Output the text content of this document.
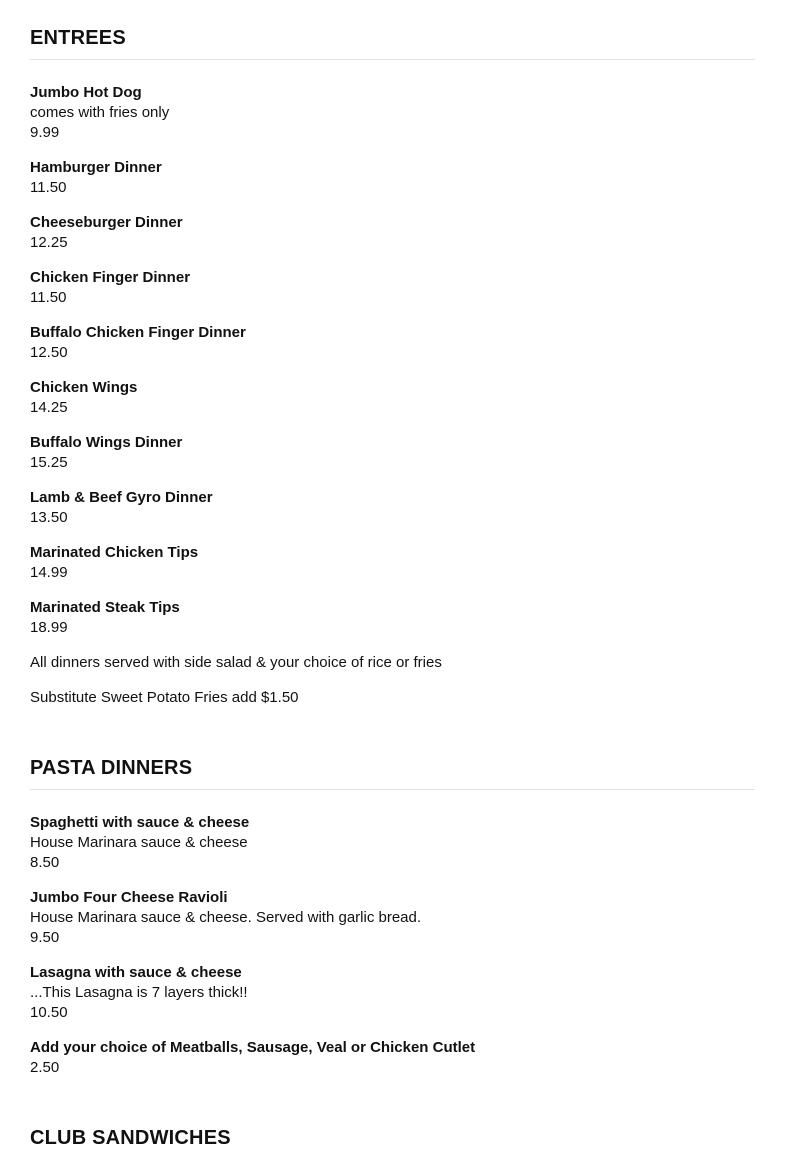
ENTREES
Jumbo Hot Dog
comes with fries only
9.99
Hamburger Dinner
11.50
Cheeseburger Dinner
12.25
Chicken Finger Dinner
11.50
Buffalo Chicken Finger Dinner
12.50
Chicken Wings
14.25
Buffalo Wings Dinner
15.25
Lamb & Beef Gyro Dinner
13.50
Marinated Chicken Tips
14.99
Marinated Steak Tips
18.99
All dinners served with side salad & your choice of rice or fries
Substitute Sweet Potato Fries add $1.50
PASTA DINNERS
Spaghetti with sauce & cheese
House Marinara sauce & cheese
8.50
Jumbo Four Cheese Ravioli
House Marinara sauce & cheese. Served with garlic bread.
9.50
Lasagna with sauce & cheese
...This Lasagna is 7 layers thick!!
10.50
Add your choice of Meatballs, Sausage, Veal or Chicken Cutlet
2.50
CLUB SANDWICHES
